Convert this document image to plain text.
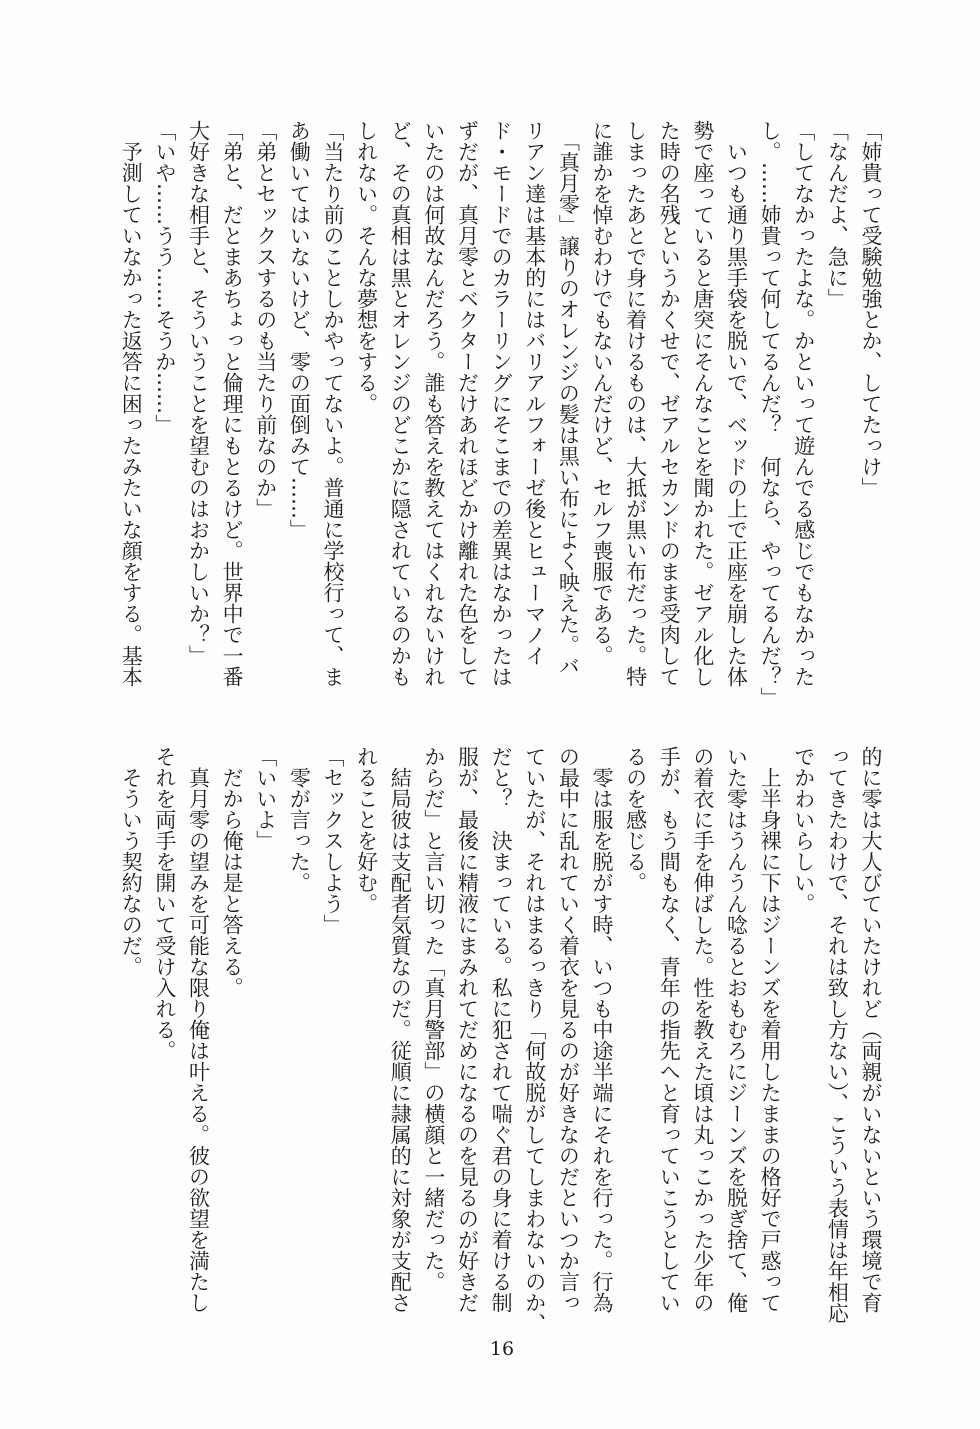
「姉貴って受験勉強とか、してたっけ」
「なんだよ、急に」
「してなかったよな。かといって遊んでる感じでもなかった
し。……姉貴って何してるんだ？　何なら、やってるんだ？」
　いつも通り黒手袋を脱いで、ベッドの上で正座を崩した体
勢で座っていると唐突にそんなことを聞かれた。ゼアル化し
た時の名残というかくせで、ゼアルセカンドのまま受肉して
しまったあとで身に着けるものは、大抵が黒い布だった。特
に誰かを悼むわけでもないんだけど、セルフ喪服である。
　「真月零」譲りのオレンジの髪は黒い布によく映えた。バ
リアン達は基本的にはバリアルフォーゼ後とヒューマノイ
ド・モードでのカラーリングにそこまでの差異はなかったは
ずだが、真月零とベクターだけあれほどかけ離れた色をして
いたのは何故なんだろう。誰も答えを教えてはくれないけれ
ど、その真相は黒とオレンジのどこかに隠されているのかも
しれない。そんな夢想をする。
「当たり前のことしかやってないよ。普通に学校行って、ま
あ働いてはいないけど、零の面倒みて……」
「弟とセックスするのも当たり前なのか」
「弟と、だとまあちょっと倫理にもとるけど。世界中で一番
大好きな相手と、そういうことを望むのはおかしいか？」
「いや……うう……そうか……」
　予測していなかった返答に困ったみたいな顔をする。基本
的に零は大人びていたけれど（両親がいないという環境で育
ってきたわけで、それは致し方ない）、こういう表情は年相応
でかわいらしい。
　上半身裸に下はジーンズを着用したままの格好で戸惑って
いた零はうんうん唸るとおもむろにジーンズを脱ぎ捨て、俺
の着衣に手を伸ばした。性を教えた頃は丸っこかった少年の
手が、もう間もなく、青年の指先へと育っていこうとしてい
るのを感じる。
　零は服を脱がす時、いつも中途半端にそれを行った。行為
の最中に乱れていく着衣を見るのが好きなのだといつか言っ
ていたが、それはまるっきり「何故脱がしてしまわないのか、
だと？　決まっている。私に犯されて喘ぐ君の身に着ける制
服が、最後に精液にまみれてだめになるのを見るのが好きだ
からだ」と言い切った「真月警部」の横顔と一緒だった。
　結局彼は支配者気質なのだ。従順に隷属的に対象が支配さ
れることを好む。
「セックスしよう」
　零が言った。
「いいよ」
　だから俺は是と答える。
　真月零の望みを可能な限り俺は叶える。彼の欲望を満たし
それを両手を開いて受け入れる。
　そういう契約なのだ。
16
